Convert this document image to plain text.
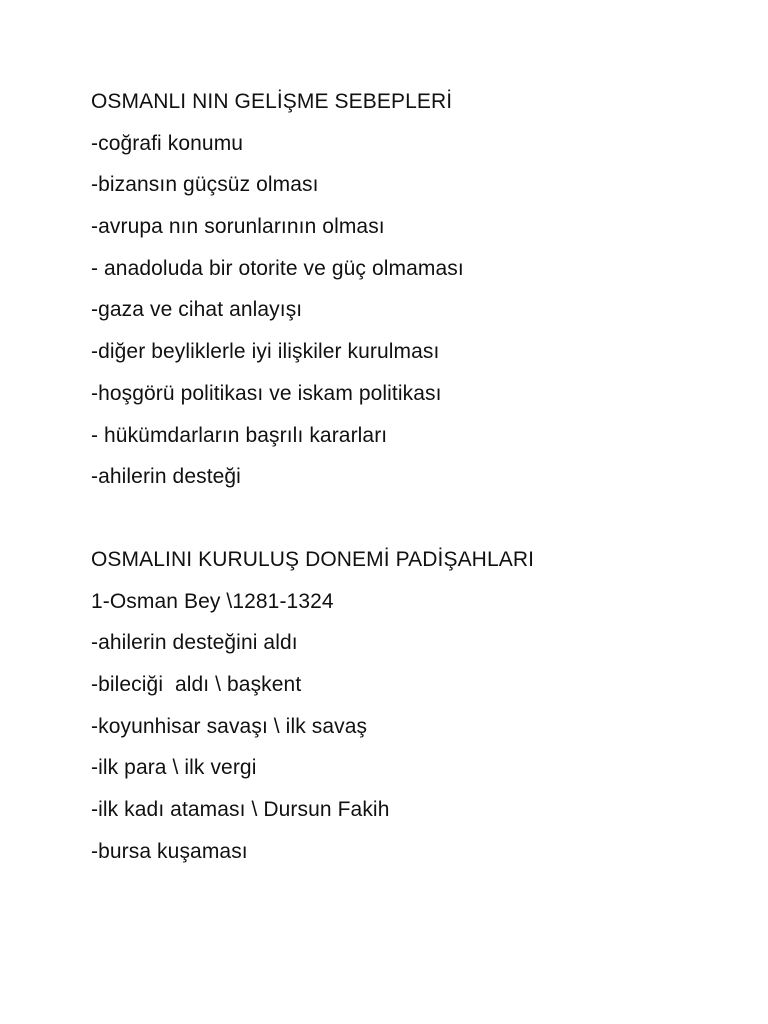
OSMANLI NIN GELİŞME SEBEPLERİ
-coğrafi konumu
-bizansın güçsüz olması
-avrupa nın sorunlarının olması
- anadoluda bir otorite ve güç olmaması
-gaza ve cihat anlayışı
-diğer beyliklerle iyi ilişkiler kurulması
-hoşgörü politikası ve iskam politikası
- hükümdarların başrılı kararları
-ahilerin desteği
OSMALINI KURULUŞ DONEMİ PADİŞAHLARI
1-Osman Bey \1281-1324
-ahilerin desteğini aldı
-bileciği  aldı \ başkent
-koyunhisar savaşı \ ilk savaş
-ilk para \ ilk vergi
-ilk kadı ataması \ Dursun Fakih
-bursa kuşaması
